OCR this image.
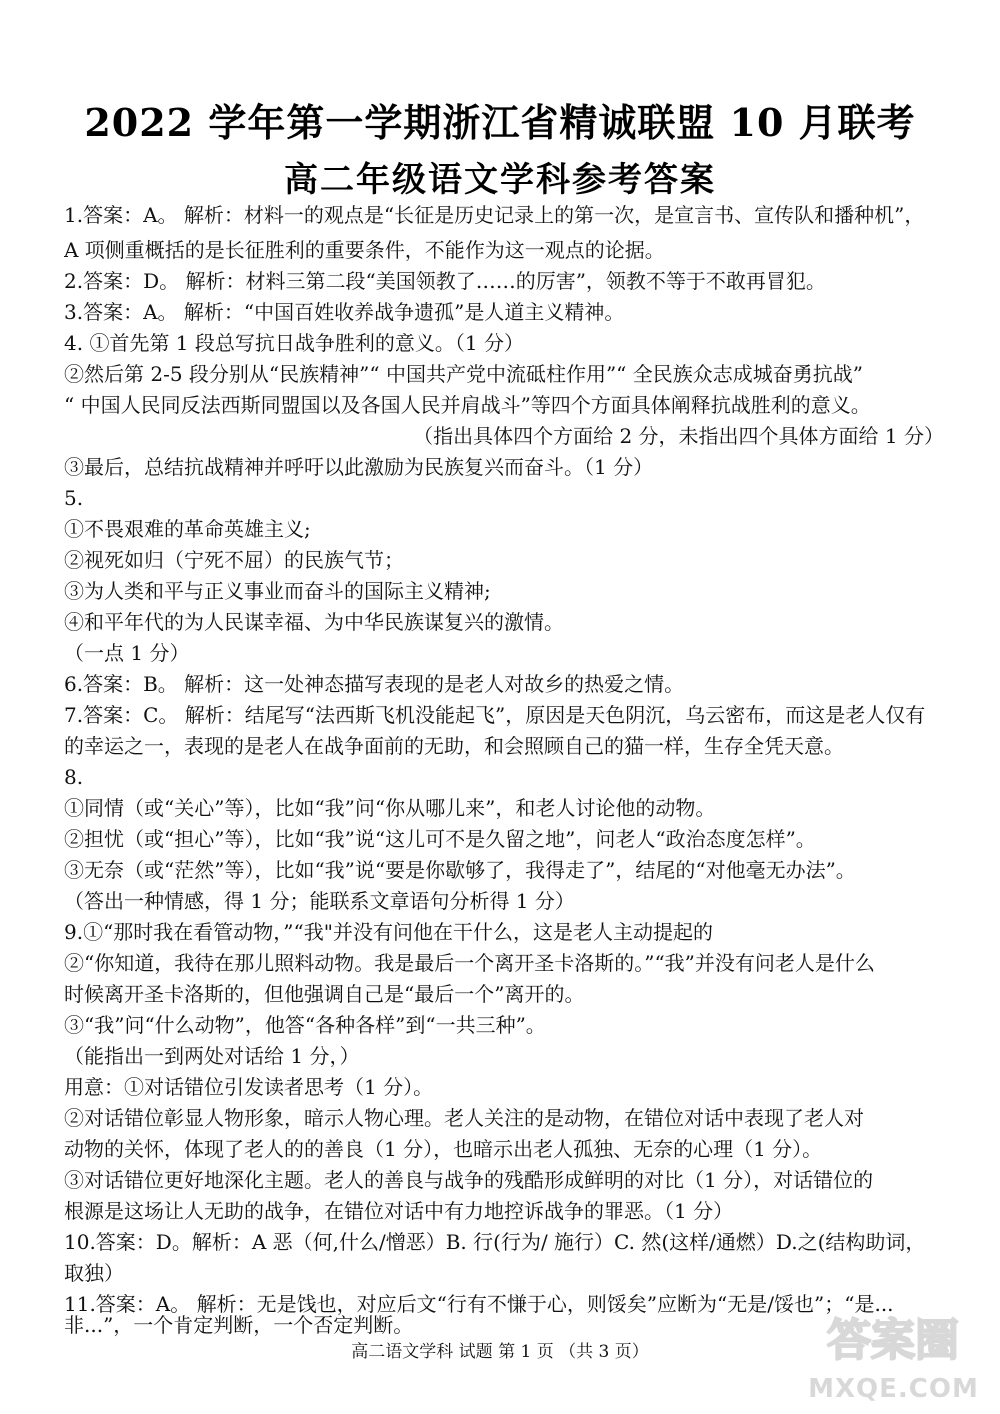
2022 学年第一学期浙江省精诚联盟 10 月联考
高二年级语文学科参考答案
1.答案：A。 解析：材料一的观点是“长征是历史记录上的第一次，是宣言书、宣传队和播种机”，
A 项侧重概括的是长征胜利的重要条件，不能作为这一观点的论据。
2.答案：D。 解析：材料三第二段“美国领教了……的厉害”，领教不等于不敢再冒犯。
3.答案：A。 解析：“中国百姓收养战争遗孤”是人道主义精神。
4. ①首先第 1 段总写抗日战争胜利的意义。（1 分）
②然后第 2-5 段分别从“民族精神”“ 中国共产党中流砥柱作用”“ 全民族众志成城奋勇抗战”
“ 中国人民同反法西斯同盟国以及各国人民并肩战斗”等四个方面具体阐释抗战胜利的意义。
（指出具体四个方面给 2 分，未指出四个具体方面给 1 分）
③最后，总结抗战精神并呼吁以此激励为民族复兴而奋斗。（1 分）
5.
①不畏艰难的革命英雄主义;
②视死如归（宁死不屈）的民族气节；
③为人类和平与正义事业而奋斗的国际主义精神;
④和平年代的为人民谋幸福、为中华民族谋复兴的激情。
（一点 1 分）
6.答案：B。 解析：这一处神态描写表现的是老人对故乡的热爱之情。
7.答案：C。 解析：结尾写“法西斯飞机没能起飞”，原因是天色阴沉，乌云密布，而这是老人仅有
的幸运之一，表现的是老人在战争面前的无助，和会照顾自己的猫一样，生存全凭天意。
8.
①同情（或“关心”等），比如“我”问“你从哪儿来”，和老人讨论他的动物。
②担忧（或“担心”等），比如“我”说“这儿可不是久留之地”，问老人“政治态度怎样”。
③无奈（或“茫然”等），比如“我”说“要是你歇够了，我得走了”，结尾的“对他毫无办法”。
（答出一种情感，得 1 分；能联系文章语句分析得 1 分）
9.①“那时我在看管动物，”“我"并没有问他在干什么，这是老人主动提起的
②“你知道，我待在那儿照料动物。我是最后一个离开圣卡洛斯的。”“我”并没有问老人是什么
时候离开圣卡洛斯的，但他强调自己是“最后一个”离开的。
③“我”问“什么动物”，他答“各种各样”到“一共三种”。
（能指出一到两处对话给 1 分，）
用意：①对话错位引发读者思考（1 分）。
②对话错位彰显人物形象，暗示人物心理。老人关注的是动物，在错位对话中表现了老人对
动物的关怀，体现了老人的的善良（1 分），也暗示出老人孤独、无奈的心理（1 分）。
③对话错位更好地深化主题。老人的善良与战争的残酷形成鲜明的对比（1 分），对话错位的
根源是这场让人无助的战争，在错位对话中有力地控诉战争的罪恶。（1 分）
10.答案：D。解析：A 恶（何,什么/憎恶）B. 行(行为/ 施行）C. 然(这样/通燃）D.之(结构助词，
取独）
11.答案：A。 解析：无是饯也，对应后文“行有不慊于心，则馁矣”应断为“无是/馁也”；“是...
非...”，一个肯定判断，一个否定判断。
高二语文学科 试题 第 1 页 （共 3 页）	答案圈
MXQE.COM
